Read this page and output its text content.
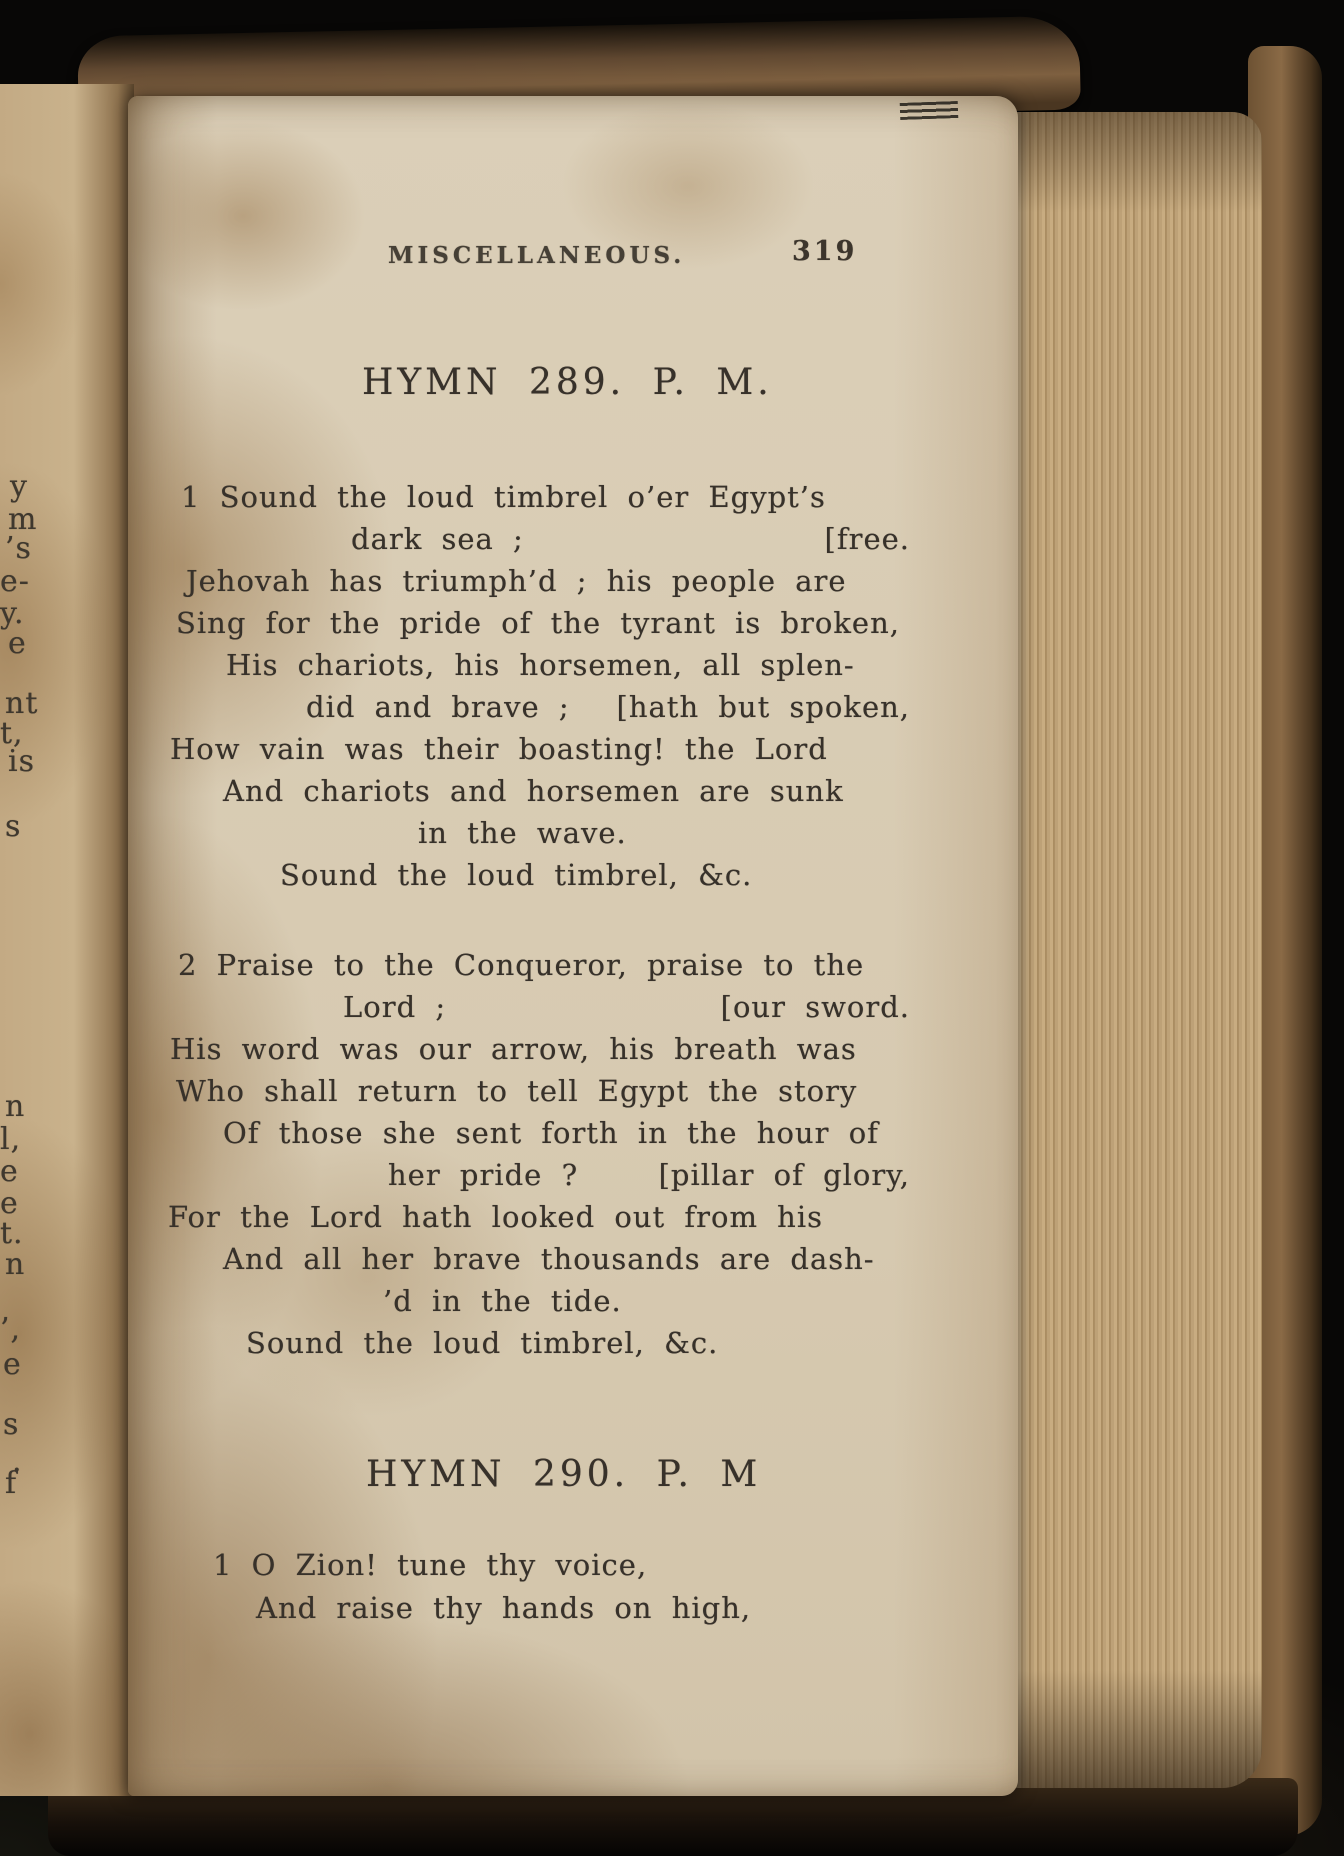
y
m
’s
e-
y.
e
nt
t,
is
s
n
l,
e
e
t.
n
’,
e
s
.
f
MISCELLANEOUS.	319
HYMN 289. P. M.
1 Sound the loud timbrel o’er Egypt’s
dark sea ;	[free.
Jehovah has triumph’d ; his people are
Sing for the pride of the tyrant is broken,
His chariots, his horsemen, all splen-
did and brave ; [hath but spoken,
How vain was their boasting! the Lord
And chariots and horsemen are sunk
in the wave.
Sound the loud timbrel, &c.
2 Praise to the Conqueror, praise to the
Lord ;	[our sword.
His word was our arrow, his breath was
Who shall return to tell Egypt the story
Of those she sent forth in the hour of
her pride ?	[pillar of glory,
For the Lord hath looked out from his
And all her brave thousands are dash-
’d in the tide.
Sound the loud timbrel, &c.
HYMN 290. P. M
1 O Zion! tune thy voice,
And raise thy hands on high,
